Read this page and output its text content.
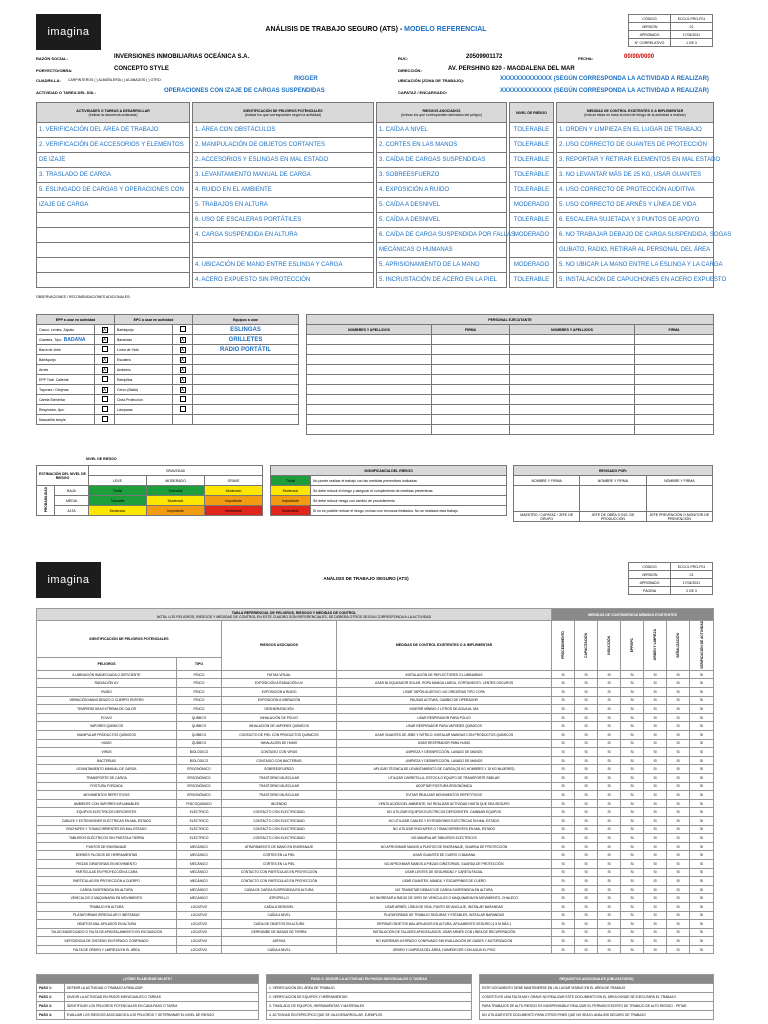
imagina	ANÁLISIS DE TRABAJO SEGURO (ATS) - MODELO REFERENCIAL
CÓDIGO	ECCLS-PRO-F01
VERSIÓN	01
APROBADO	17/04/2021
N° CORRELATIVO	1 DE 3
RAZÓN SOCIAL:	INVERSIONES INMOBILIARIAS OCEÁNICA S.A.	RUC:	20509901172	FECHA:	00/00/0000
PORYECTO/OBRA:	CONCEPTO STYLE	DIRECCIÓN:	AV. PERSHING 820 - MAGDALENA DEL MAR
CUADRILLA: CARPINTEROS ( ) ALBAÑILERÍA ( ) ACABADOS ( ) OTRO:	RIGGER	UBICACIÓN (ZONA DE TRABAJO):	XXXXXXXXXXXXX (SEGÚN CORRESPONDA LA ACTIVIDAD A REALIZAR)
ACTIVIDAD O TAREA DEL DÍA :	OPERACIONES CON IZAJE DE CARGAS SUSPENDIDAS	CAPATAZ / ENCARGADO:	XXXXXXXXXXXXX (SEGÚN CORRESPONDA LA ACTIVIDAD A REALIZAR)
ACTIVIDADES O TAREAS A DESARROLLAR
(Indicar la secuencia ordenada)		IDENTIFICACIÓN DE PELIGROS POTENCIALES
(Indicar los que corresponden según la actividad)		RIESGOS ASOCIADOS
(Indicar los que corresponden derivados del peligro)		NIVEL DE RIESGO		MEDIDAS DE CONTROL EXISTENTES O A IMPLEMENTAR
(Indicar éstas en base al nivel de riesgo de la actividad a realizar)
1. VERIFICACIÓN DEL ÁREA DE TRABAJO		1. ÁREA CON OBSTÁCULOS		1. CAÍDA A NIVEL		TOLERABLE		1. ORDEN Y LIMPIEZA EN EL LUGAR DE TRABAJO
2. VERIFICACIÓN DE ACCESORIOS Y ELEMENTOS		2. MANIPULACIÓN DE OBJETOS CORTANTES		2. CORTES EN LAS MANOS		TOLERABLE		2. USO CORRECTO DE GUANTES DE PROTECCIÓN
DE IZAJE		2. ACCESORIOS Y ESLINGAS EN MAL ESTADO		3. CAÍDA DE CARGAS SUSPENDIDAS		TOLERABLE		3. REPORTAR Y RETIRAR ELEMENTOS EN MAL ESTADO
3. TRASLADO DE CARGA		3. LEVANTAMIENTO MANUAL DE CARGA		3. SOBREESFUERZO		TOLERABLE		3. NO LEVANTAR MÁS DE 25 KG, USAR GUANTES
5. ESLINGADO DE CARGAS Y OPERACIONES CON		4. RUIDO EN EL AMBIENTE		4. EXPOSICIÓN A RUIDO		TOLERABLE		4. USO CORRECTO DE PROTECCIÓN AUDITIVA
IZAJE DE CARGA		5. TRABAJOS EN ALTURA		5. CAÍDA A DESNIVEL		MODERADO		5. USO CORRECTO DE ARNÉS Y LÍNEA DE VIDA
		6. USO DE ESCALERAS PORTÁTILES		5. CAÍDA A DESNIVEL		TOLERABLE		6. ESCALERA SUJETADA Y 3 PUNTOS DE APOYO
		4. CARGA SUSPENDIDA EN ALTURA		6. CAÍDA DE CARGA SUSPENDIDA POR FALLAS		MODERADO		6. NO TRABAJAR DEBAJO DE CARGA SUSPENDIDA, SOGAS
				MECÁNICAS O HUMANAS				GLIBATO, RADIO, RETIRAR AL PERSONAL DEL ÁREA
		4. UBICACIÓN DE MANO ENTRE ESLINGA Y CARGA		5. APRISIONAMIENTO DE LA MANO		MODERADO		5. NO UBICAR LA MANO ENTRE LA ESLINGA Y LA CARGA
		4. ACERO EXPUESTO SIN PROTECCIÓN		5. INCRUSTACIÓN DE ACERO EN LA PIEL		TOLERABLE		5. INSTALACIÓN DE CAPUCHONES EN ACERO EXPUESTO
OBSERVACIONES / RECOMENDACIONES ADICIONALES:
EPP a usar en actividad		EPC a usar en actividad		Equipos a usar
Casco, Lentes, Zapato	X	Barbiquejo		ESLINGAS
Guantes, Tipo: BADANA	X	Barandas	X	GRILLETES
Barra de Jebe		Línea de Vida	X	RADIO PORTÁTIL
Barbiquejo	X	Escalera	X	
Arnés	X	Andamio	X	
EPP Trab. Caliente		Rampillas	X	
Tapones / Orejeras	X	Cerco (Malla)	X	
Careta Esmerilar		Cinta Protección		
Respirador, tipo:		Lámparas		
Mascarilla simple				
PERSONAL EJECUTANTE			
NOMBRES Y APELLIDOS	FIRMA	NOMBRES Y APELLIDOS	FIRMA

NIVEL DE RIESGO
ESTIMACIÓN DEL NIVEL DE RIESGO		GRAVEDAD		
		LEVE	MODERADO	GRAVE
PROBABILIDAD	BAJA	Trivial	Tolerable	Moderado
	MEDIA	Tolerable	Moderado	Importante
	ALTA	Moderado	Importante	Intolerable
SIGNIFICANCIA DEL RIESGO	
Trivial	No puede realizar el trabajo con las medidas preventivas indicadas
Moderado	Se debe reducir el riesgo y asegurar el cumplimiento de medidas preventivas
Importante	Se debe reducir riesgo con cambio de procedimiento
Intolerable	Si no es posible reducir el riesgo, incluso con recursos ilimitados. No se realizará esta trabajo
REVISADO POR:		
NOMBRE Y FIRMA	NOMBRE Y FIRMA	NOMBRE Y FIRMA

MAESTRO / CAPATAZ / JEFE DE GRUPO	JEFE DE OBRA O ING. DE PRODUCCIÓN	JEFE PREVENCIÓN O MONITOR DE PREVENCIÓN
imagina	ANÁLISIS DE TRABAJO SEGURO (ATS)
CÓDIGO	ECCLS-PRO-F01
VERSIÓN	01
APROBADO	17/04/2021
PÁGINA	2 DE 3
TABLA REFERENCIAL DE PELIGROS, RIESGOS Y MEDIDAS DE CONTROL
NOTA: LOS PELIGROS, RIESGOS Y MEDIDAS DE CONTROL EN ESTE CUADRO SON REFERENCIALES, SE DEBERÁ OTROS SEGÚN CORRESPONDA A LA ACTIVIDAD				MEDIDAS DE CONTINGENCIA MÍNIMAS EXISTENTES						
IDENTIFICACIÓN DE PELIGROS POTENCIALES		RIESGOS ASOCIADOS	MEDIDAS DE CONTROL EXISTENTES O A IMPLEMENTAR	PROCEDIMIENTO	CAPACITACIÓN	INDUCCIÓN	EPP/EPC	ORDEN Y LIMPIEZA	SEÑALIZACIÓN	VERIFICACIÓN DE ACTIVIDAD
PELIGROS	TIPO									
ILUMINACIÓN INADECUADA O DEFICIENTE	FÍSICO	FATIGA VISUAL	INSTALACIÓN DE REFLECTORES O LUMINARIAS	SI	SI	SI	SI	SI	SI	SI
RADIACIÓN UV	FÍSICO	EXPOSICIÓN A RADIACIÓN UV	USAR BLOQUEADOR SOLAR, ROPA MANGA LARGA, CORTAVIENTO, LENTES OSCUROS	SI	SI	SI	SI	SI	SI	SI
RUIDO	FÍSICO	EXPOSICIÓN A RUIDO	USAR TAPÓN AUDITIVO. NO OREJERAS TIPO COPA	SI	SI	SI	SI	SI	SI	SI
VIBRACIÓN MANO BRAZO O CUERPO ENTERO	FÍSICO	EXPOSICIÓN A VIBRACIÓN	PAUSAS ACTIVAS, CAMBIO DE OPERADOR	SI	SI	SI	SI	SI	SI	SI
TEMPERATURA EXTREMA DE CALOR	FÍSICO	DESHIDRATACIÓN	INGERIR MÍNIMO 2 LITROS DE AGUA AL DÍA	SI	SI	SI	SI	SI	SI	SI
POLVO	QUÍMICO	INHALACIÓN DE POLVO	USAR RESPIRADOR PARA POLVO	SI	SI	SI	SI	SI	SI	SI
VAPORES QUÍMICOS	QUÍMICO	INHALACIÓN DE VAPORES QUÍMICOS	USAR RESPIRADOR PARA VAPORES QUÍMICOS	SI	SI	SI	SI	SI	SI	SI
MANIPULAR PRODUCTOS QUÍMICOS	QUÍMICO	CONTACTO DE PIEL CON PRODUCTOS QUÍMICOS	USAR GUANTES DE JEBE Y NITRILO. INSTALAR MANGAS CON PRODUCTOS QUÍMICOS	SI	SI	SI	SI	SI	SI	SI
HUMO	QUÍMICO	INHALACIÓN DE HUMO	USAR RESPIRADOR PARA HUMO	SI	SI	SI	SI	SI	SI	SI
VIRUS	BIOLÓGICO	CONTAGIO CON VIRUS	LIMPIEZA Y DESINFECCIÓN, LAVADO DE MANOS	SI	SI	SI	SI	SI	SI	SI
BACTERIAS	BIOLÓGICO	CONTAGIO CON BACTERIAS	LIMPIEZA Y DESINFECCIÓN, LAVADO DE MANOS	SI	SI	SI	SI	SI	SI	SI
LEVANTAMIENTO MANUAL DE CARGA	ERGONÓMICO	SOBREESFUERZO	APLICAR TÉCNICA DE LEVANTAMIENTO DE CARGA (25 KG HOMBRES Y 15 KG MUJERES)	SI	SI	SI	SI	SI	SI	SI
TRANSPORTE DE CARGA	ERGONÓMICO	TRASTORNO MUSCULAR	UTILIZAR CARRETILLA, ESTOCA O EQUIPO DE TRANSPORTE SIMILAR	SI	SI	SI	SI	SI	SI	SI
POSTURA FORZADA	ERGONÓMICO	TRASTORNO MUSCULAR	ADOPTAR POSTURA ERGONÓMICA	SI	SI	SI	SI	SI	SI	SI
MOVIMIENTOS REPETITIVOS	ERGONÓMICO	TRASTORNO MUSCULAR	EVITAR REALIZAR MOVIMIENTOS REPETITIVOS	SI	SI	SI	SI	SI	SI	SI
AMBIENTE CON VAPORES INFLAMABLES	FISICOQUÍMICO	INCENDIO	VENTILACIÓN DEL AMBIENTE, NO REALIZAR ACTIVIDAD HASTA QUE SEA SEGURO	SI	SI	SI	SI	SI	SI	SI
EQUIPOS ELÉCTRICOS DEFICIENTES	ELÉCTRICO	CONTACTO CON ELECTRICIDAD	NO UTILIZAR EQUIPOS ELÉCTRICOS DEFICIENTES, CAMBIAR EQUIPOS	SI	SI	SI	SI	SI	SI	SI
CABLES Y EXTENSIONES ELÉCTRICAS EN MAL ESTADO	ELÉCTRICO	CONTACTO CON ELECTRICIDAD	NO UTILIZAR CABLES Y EXTENSIONES ELÉCTRICAS EN MAL ESTADO	SI	SI	SI	SI	SI	SI	SI
ENCHUFES Y TOMACORRIENTES EN MAL ESTADO	ELÉCTRICO	CONTACTO CON ELECTRICIDAD	NO UTILIZAR ENCHUFES O TOMACORRIENTES EN MAL ESTADO	SI	SI	SI	SI	SI	SI	SI
TABLEROS ELÉCTRICOS SIN PUESTA A TIERRA	ELÉCTRICO	CONTACTO CON ELECTRICIDAD	NO MANIPULAR TABLEROS ELÉCTRICOS	SI	SI	SI	SI	SI	SI	SI
PUNTOS DE ENGRANAJE	MECÁNICO	ATRAPAMIENTO DE MANO EN ENGRANAJE	NO APROXIMAR MANOS A PUNTOS DE ENGRANAJE, GUARDA DE PROTECCIÓN	SI	SI	SI	SI	SI	SI	SI
BORDES FILOSOS DE HERRAMIENTAS	MECÁNICO	CORTES EN LA PIEL	USAR GUANTES DE CUERO O BADANA	SI	SI	SI	SI	SI	SI	SI
PIEZAS GIRATORIAS EN MOVIMIENTO	MECÁNICO	CORTES EN LA PIEL	NO APROXIMAR MANOS A PIEZAS GIRATORIAS, GUARDA DE PROTECCIÓN	SI	SI	SI	SI	SI	SI	SI
PARTÍCULAS EN PROYECCIÓN A CARA	MECÁNICO	CONTACTO CON PARTÍCULAS EN PROYECCIÓN	USAR LENTES DE SEGURIDAD Y CARETA FACIAL	SI	SI	SI	SI	SI	SI	SI
PARTÍCULAS EN PROYECCIÓN A CUERPO	MECÁNICO	CONTACTO CON PARTÍCULAS EN PROYECCIÓN	USAR GUANTES, MANDIL Y ESCARPINES DE CUERO	SI	SI	SI	SI	SI	SI	SI
CARGA SUSPENDIDA EN ALTURA	MECÁNICO	CAÍDA DE CARGA SUSPENDIDA EN ALTURA	NO TRANSITAR DEBAJO DE CARGA SUSPENDIDA EN ALTURA	SI	SI	SI	SI	SI	SI	SI
VEHÍCULOS O MAQUINARIA EN MOVIMIENTO	MECÁNICO	ATROPELLO	NO INGRESAR A RADIO DE GIRO DE VEHÍCULOS O MAQUINARIA EN MOVIMIENTO, CHALECO	SI	SI	SI	SI	SI	SI	SI
TRABAJO EN ALTURA	LOCATIVO	CAÍDA A DESNIVEL	USAR ARNÉS, LÍNEA DE VIDA, PUNTO DE ANCLAJE, INSTALAR BARANDAS	SI	SI	SI	SI	SI	SI	SI
PLATAFORMAS IRREGULAR O INESTABLE	LOCATIVO	CAÍDA A NIVEL	PLATAFORMAS DE TRABAJO SEGURAS Y ESTABLES, INSTALAR BARANDAS	SI	SI	SI	SI	SI	SI	SI
OBJETOS MAL APILADOS EN ALTURA	LOCATIVO	CAÍDA DE OBJETOS EN ALTURA	REPISAR OBJETOS MAL APILADOS EN ALTURA, APILAMIENTO SEGURO (1.5 M MÁX.)	SI	SI	SI	SI	SI	SI	SI
TALUD INADECUADO O FALTA DE APUNTALAMIENTO EN EXCAVACIÓN	LOCATIVO	DERRUMBE DE MASAS DE TIERRA	INSTALACIÓN DE TALUDES APUNTALADOS, USAR ARNÉS CON LÍNEA DE RECUPERACIÓN	SI	SI	SI	SI	SI	SI	SI
DEFICIENCIA DE OXÍGENO EN ESPACIO CONFINADO	LOCATIVO	ASFIXIA	NO INGRESAR A ESPACIO CONFINADO SIN EVALUACIÓN DE GASES Y AUTORIZACIÓN	SI	SI	SI	SI	SI	SI	SI
FALTA DE ORDEN Y LIMPIEZA EN EL ÁREA	LOCATIVO	CAÍDA A NIVEL	ORDEN Y LIMPIEZA DEL ÁREA, HUMEDECER CON AGUA EL PISO	SI	SI	SI	SI	SI	SI	SI
¿CÓMO ELABORAR UN ATS?			PASO 4: DIVIDIR LA ACTIVIDAD EN PASOS INDIVIDUALES O TAREAS		REQUISITOS ADICIONALES (OBLIGATORIO)
PASO 1:	DEFINIR LA ACTIVIDAD O TRABAJO A REALIZAR		1. VERIFICACIÓN DEL ÁREA DE TRABAJO		ESTE DOCUMENTO DEBE MANTENERSE EN UN LUGAR VISIBLE EN EL ÁREA DE TRABAJO
PASO 2:	DIVIDIR LA ACTIVIDAD EN PASOS INDIVIDUALES O TAREAS		2. VERIFICACIÓN DE EQUIPOS Y HERRAMIENTAS		CONSTITUYE UNA FALTA MUY GRAVE NO REALIZAR ESTE DOCUMENTO EN EL ÁREA DONDE SE EJECUTARÁ EL TRABAJO
PASO 3:	IDENTIFICAR LOS PELIGROS POTENCIALES EN CADA PASO O TAREA		3. TRASLADO DE EQUIPOS, HERRAMIENTAS Y MATERIALES		PARA TRABAJOS DE ALTO RIESGO ES INDISPENSABLE REALIZAR EL PERMISO ESCRITO DE TRABAJO DE ALTO RIESGO - PETAR
PASO 4:	EVALUAR LOS RIESGOS ASOCIADOS A LOS PELIGROS Y DETERMINAR EL NIVEL DE RIESGO		4. ACTIVIDAD EN ESPECÍFICO QUE SE VA A DESARROLLAR, EJEMPLOS		NO UTILIZAR ESTE DOCUMENTO PARA OTROS FINES QUE NO SEA EL ANÁLISIS SEGURO DE TRABAJO
